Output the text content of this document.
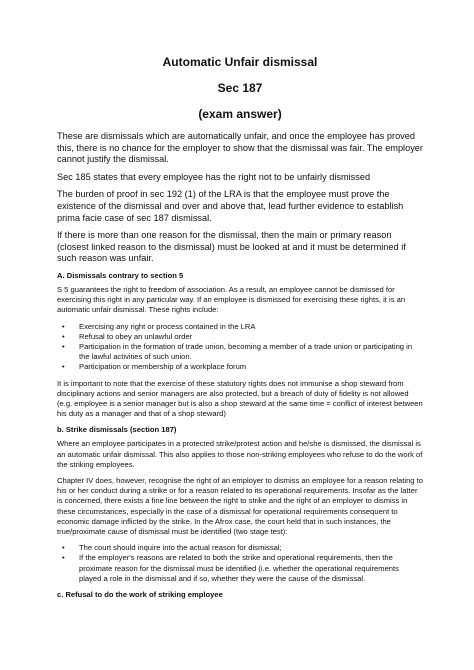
Automatic Unfair dismissal

Sec 187

(exam answer)

These are dismissals which are automatically unfair, and once the employee has proved this, there is no chance for the employer to show that the dismissal was fair. The employer cannot justify the dismissal.

Sec 185 states that every employee has the right not to be unfairly dismissed

The burden of proof in sec 192 (1) of the LRA is that the employee must prove the existence of the dismissal and over and above that, lead further evidence to establish prima facie case of sec 187 dismissal.

If there is more than one reason for the dismissal, then the main or primary reason (closest linked reason to the dismissal) must be looked at and it must be determined if such reason was unfair.

A. Dismissals contrary to section 5

S 5 guarantees the right to freedom of association. As a result, an employee cannot be dismissed for exercising this right in any particular way. If an employee is dismissed for exercising these rights, it is an automatic unfair dismissal. These rights include:

• Exercising any right or process contained in the LRA
• Refusal to obey an unlawful order
• Participation in the formation of trade union, becoming a member of a trade union or participating in the lawful activities of such union.
• Participation or membership of a workplace forum

It is important to note that the exercise of these statutory rights does not immunise a shop steward from disciplinary actions and senior managers are also protected, but a breach of duty of fidelity is not allowed (e.g. employee is a senior manager but is also a shop steward at the same time = conflict of interest between his duty as a manager and that of a shop steward)

b. Strike dismissals (section 187)

Where an employee participates in a protected strike/protest action and he/she is dismissed, the dismissal is an automatic unfair dismissal. This also applies to those non-striking employees who refuse to do the work of the striking employees.

Chapter IV does, however, recognise the right of an employer to dismiss an employee for a reason relating to his or her conduct during a strike or for a reason related to its operational requirements. Insofar as the latter is concerned, there exists a fine line between the right to strike and the right of an employer to dismiss in these circumstances, especially in the case of a dismissal for operational requirements consequent to economic damage inflicted by the strike. In the Afrox case, the court held that in such instances, the true/proximate cause of dismissal must be identified (two stage test):

• The court should inquire into the actual reason for dismissal;
• If the employer's reasons are related to both the strike and operational requirements, then the proximate reason for the dismissal must be identified (i.e. whether the operational requirements played a role in the dismissal and if so, whether they were the cause of the dismissal.
c. Refusal to do the work of striking employee
